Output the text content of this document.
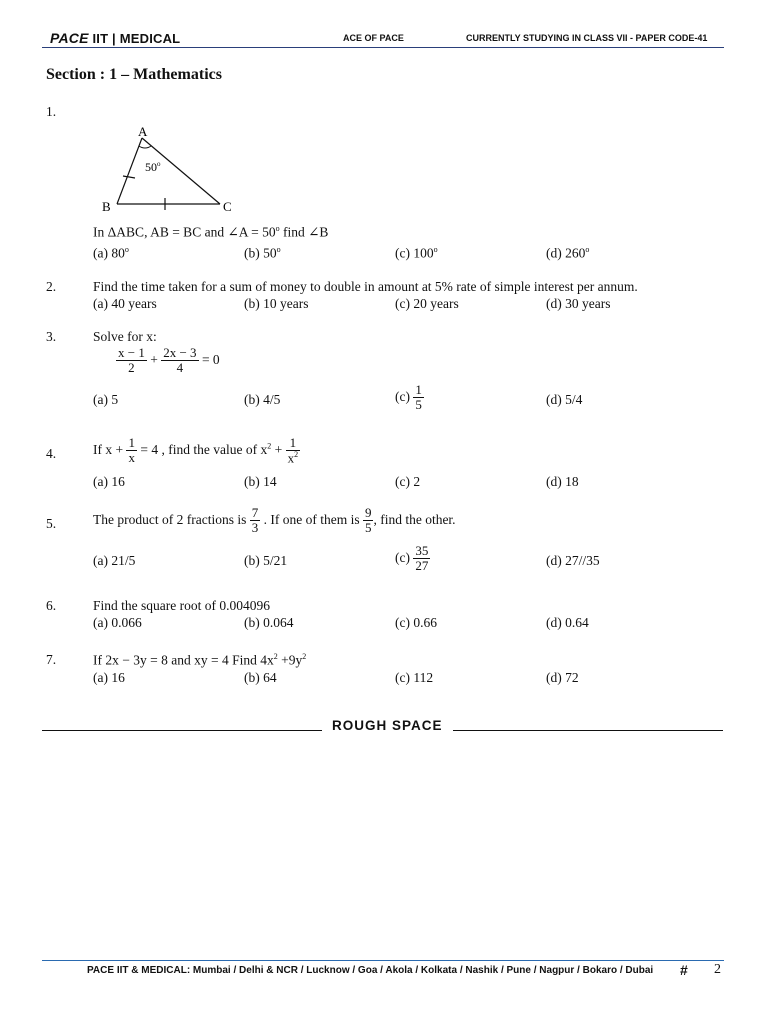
PACE IIT | MEDICAL	ACE OF PACE	CURRENTLY STUDYING IN CLASS VII - PAPER CODE-41
Section : 1 – Mathematics
1.
A
B	C
50$^o$
In ΔABC, AB = BC and ∠A = $50^o$ find ∠B
(a) 80$^o$	(b) 50$^o$	(c) 100$^o$	(d) 260$^o$
2.	Find the time taken for a sum of money to double in amount at 5% rate of simple interest per annum.
(a) 40 years	(b) 10 years	(c) 20 years	(d) 30 years
3.	Solve for x:
$\frac{x - 1}{2} + \frac{2x - 3}{4} = 0$
(a) 5	(b) 4/5	$(c) \frac{1}{5}$	(d) 5/4
4.	If $x + \frac{1}{x} = 4$ , find the value of $x^2 + \frac{1}{x^2}$
(a) 16	(b) 14	(c) 2	(d) 18
5.	The product of 2 fractions is $\frac{7}{3}$ . If one of them is $\frac{9}{5}$ , find the other.
(a) 21/5	(b) 5/21	$(c) \frac{35}{27}$	(d) 27//35
6.	Find the square root of 0.004096
(a) 0.066	(b) 0.064	(c) 0.66	(d) 0.64
7.	If 2x − 3y = 8 and xy = 4 Find $4x^2 +9y^2$
(a) 16	(b) 64	(c) 112	(d) 72
ROUGH SPACE
PACE IIT & MEDICAL: Mumbai / Delhi & NCR / Lucknow / Goa / Akola / Kolkata / Nashik / Pune / Nagpur / Bokaro / Dubai # 2
